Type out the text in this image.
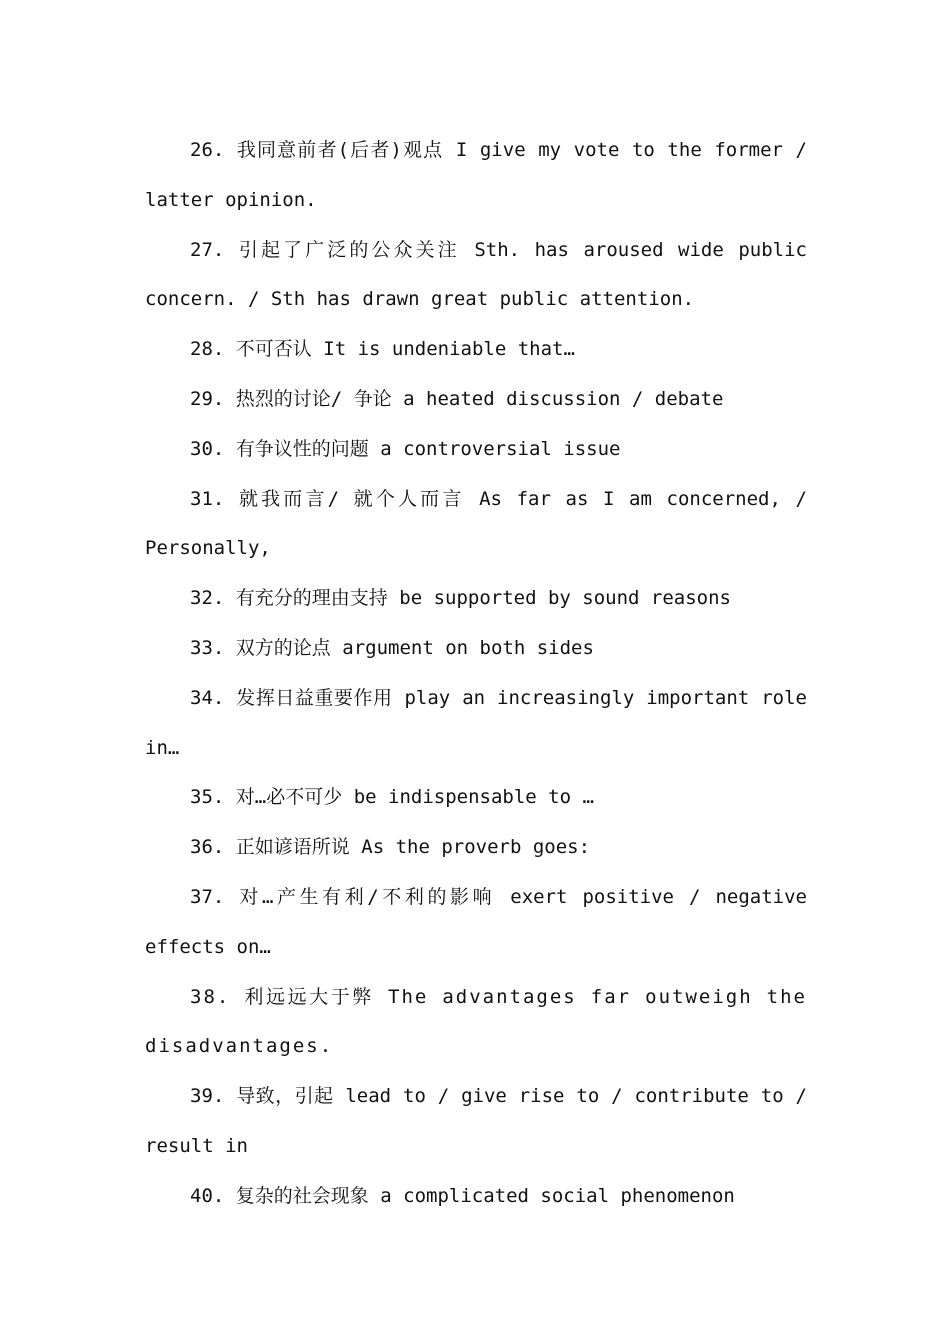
26. 我同意前者(后者)观点 I give my vote to the former / latter opinion.

27. 引起了广泛的公众关注 Sth. has aroused wide public concern. / Sth has drawn great public attention.

28. 不可否认 It is undeniable that…

29. 热烈的讨论/ 争论 a heated discussion / debate

30. 有争议性的问题 a controversial issue

31. 就我而言/ 就个人而言 As far as I am concerned, / Personally,

32. 有充分的理由支持 be supported by sound reasons

33. 双方的论点 argument on both sides

34. 发挥日益重要作用 play an increasingly important role in…

35. 对…必不可少 be indispensable to …

36. 正如谚语所说 As the proverb goes:

37. 对…产生有利/不利的影响 exert positive / negative effects on…

38. 利远远大于弊 The advantages far outweigh the disadvantages.

39. 导致，引起 lead to / give rise to / contribute to / result in

40. 复杂的社会现象 a complicated social phenomenon
